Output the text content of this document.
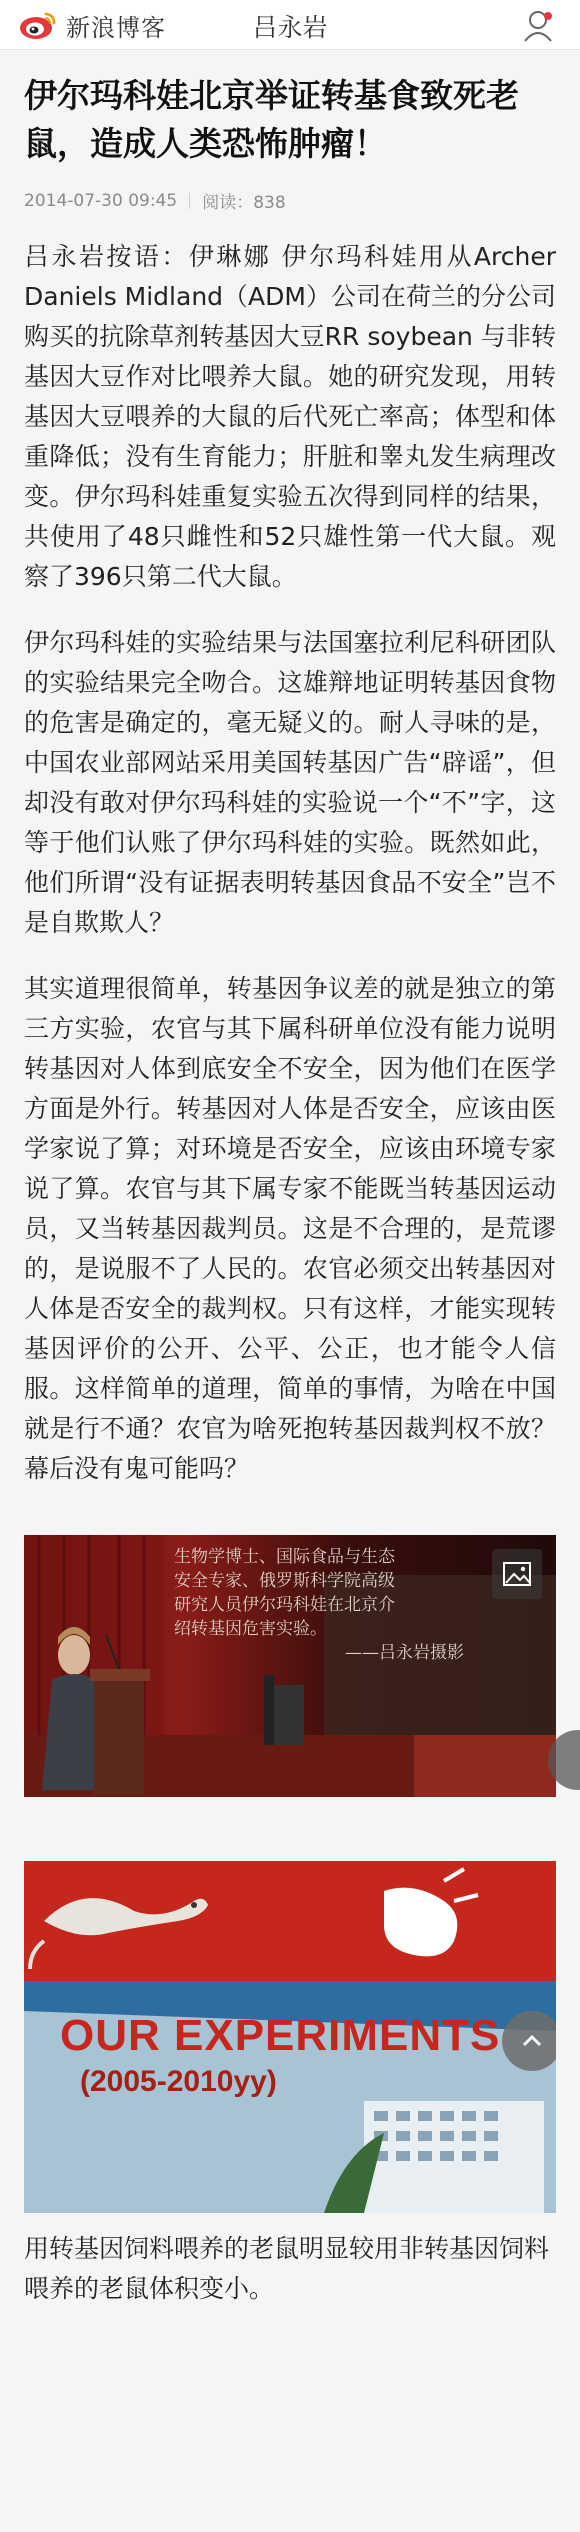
新浪博客	吕永岩
伊尔玛科娃北京举证转基食致死老鼠，造成人类恐怖肿瘤！
2014-07-30 09:45 阅读：838
吕永岩按语：伊琳娜 伊尔玛科娃用从Archer Daniels Midland（ADM）公司在荷兰的分公司购买的抗除草剂转基因大豆RR soybean 与非转基因大豆作对比喂养大鼠。她的研究发现，用转基因大豆喂养的大鼠的后代死亡率高；体型和体重降低；没有生育能力；肝脏和睾丸发生病理改变。伊尔玛科娃重复实验五次得到同样的结果，共使用了48只雌性和52只雄性第一代大鼠。观察了396只第二代大鼠。
伊尔玛科娃的实验结果与法国塞拉利尼科研团队的实验结果完全吻合。这雄辩地证明转基因食物的危害是确定的，毫无疑义的。耐人寻味的是，中国农业部网站采用美国转基因广告“辟谣”，但却没有敢对伊尔玛科娃的实验说一个“不”字，这等于他们认账了伊尔玛科娃的实验。既然如此，他们所谓“没有证据表明转基因食品不安全”岂不是自欺欺人？
其实道理很简单，转基因争议差的就是独立的第三方实验，农官与其下属科研单位没有能力说明转基因对人体到底安全不安全，因为他们在医学方面是外行。转基因对人体是否安全，应该由医学家说了算；对环境是否安全，应该由环境专家说了算。农官与其下属专家不能既当转基因运动员，又当转基因裁判员。这是不合理的，是荒谬的，是说服不了人民的。农官必须交出转基因对人体是否安全的裁判权。只有这样，才能实现转基因评价的公开、公平、公正，也才能令人信服。这样简单的道理，简单的事情，为啥在中国就是行不通？农官为啥死抱转基因裁判权不放？幕后没有鬼可能吗？
生物学博士、国际食品与生态
安全专家、俄罗斯科学院高级
研究人员伊尔玛科娃在北京介
绍转基因危害实验。
——吕永岩摄影
OUR EXPERIMENTS
(2005-2010yy)
用转基因饲料喂养的老鼠明显较用非转基因饲料喂养的老鼠体积变小。
